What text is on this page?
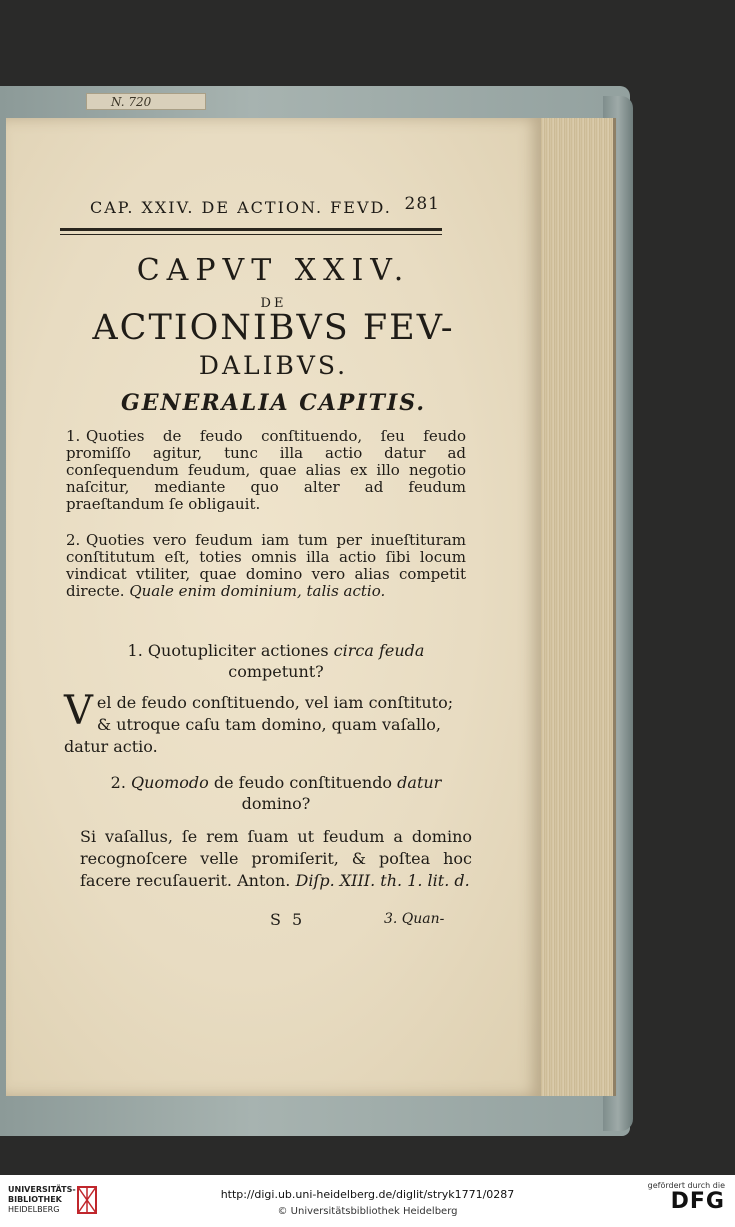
N. 720
CAP. XXIV. DE ACTION. FEVD. 281
CAPVT XXIV.
DE
ACTIONIBVS FEV-
DALIBVS.
GENERALIA CAPITIS.
1. Quoties de feudo conſtituendo, ſeu feudo promiſſo agitur, tunc illa actio datur ad conſequendum feudum, quae alias ex illo negotio naſcitur, mediante quo alter ad feudum praeſtandum ſe obligauit.
2. Quoties vero feudum iam tum per inueſtituram conſtitutum eſt, toties omnis illa actio ſibi locum vindicat vtiliter, quae domino vero alias competit directe. Quale enim dominium, talis actio.
1. Quotupliciter actiones circa feuda competunt?
V el de feudo conſtituendo, vel iam conſtituto; & utroque caſu tam domino, quam vaſallo, datur actio.
2. Quomodo de feudo conſtituendo datur domino?
Si vaſallus, ſe rem ſuam ut feudum a domino recognoſcere velle promiſerit, & poſtea hoc facere recuſauerit. Anton. Diſp. XIII. th. 1. lit. d.
S 5	3. Quan-
UNIVERSITÄTS-
BIBLIOTHEK
HEIDELBERG
http://digi.ub.uni-heidelberg.de/diglit/stryk1771/0287
© Universitätsbibliothek Heidelberg
gefördert durch die
DFG
